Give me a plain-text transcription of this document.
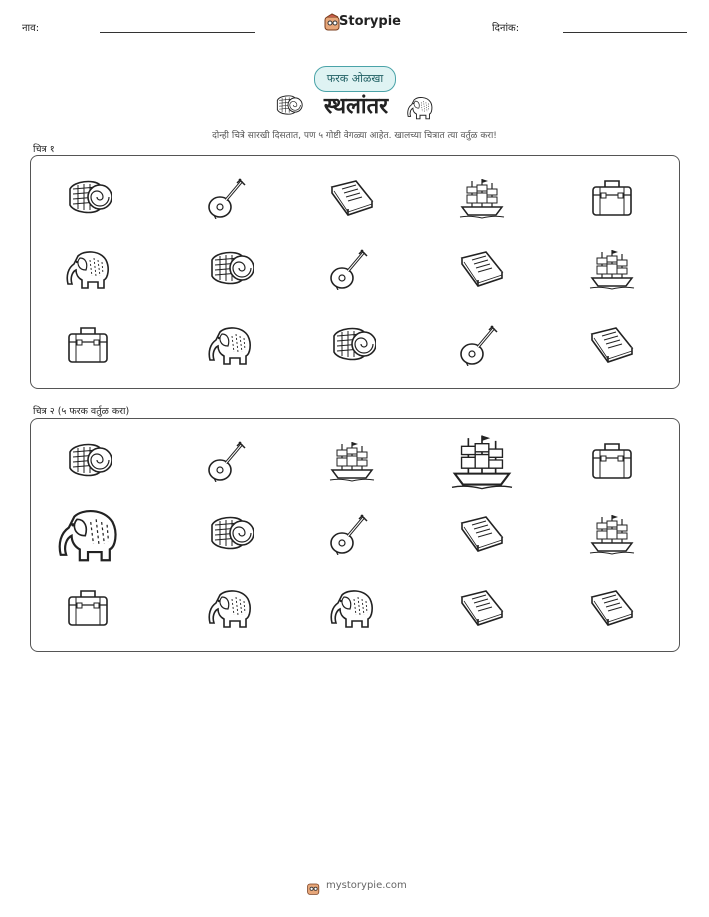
नाव:	Storypie	दिनांक:
फरक ओळखा
स्थलांतर
दोन्ही चित्रे सारखी दिसतात, पण ५ गोष्टी वेगळ्या आहेत. खालच्या चित्रात त्या वर्तुळ करा!
चित्र १
चित्र २ (५ फरक वर्तुळ करा)
mystorypie.com
